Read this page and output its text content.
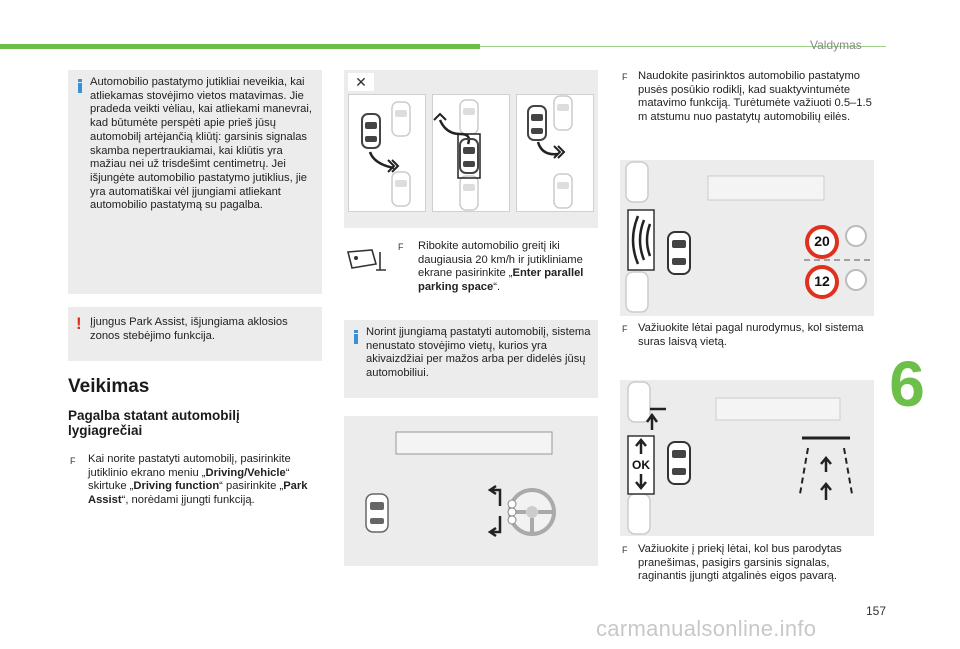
Valdymas
6
157
carmanualsonline.info
Automobilio pastatymo jutikliai neveikia, kai atliekamas stovėjimo vietos matavimas. Jie pradeda veikti vėliau, kai atliekami manevrai, kad būtumėte perspėti apie prieš jūsų automobilį artėjančią kliūtį: garsinis signalas skamba nepertraukiamai, kai kliūtis yra mažiau nei už trisdešimt centimetrų. Jei išjungėte automobilio pastatymo jutiklius, jie yra automatiškai vėl įjungiami atliekant automobilio pastatymą su pagalba.
! Įjungus Park Assist, išjungiama aklosios zonos stebėjimo funkcija.
Veikimas
Pagalba statant automobilį lygiagrečiai
F Kai norite pastatyti automobilį, pasirinkite jutiklinio ekrano meniu „Driving/Vehicle“ skirtuke „Driving function“ pasirinkite „Park Assist“, norėdami įjungti funkciją.
✕
F Ribokite automobilio greitį iki daugiausia 20 km/h ir jutikliniame ekrane pasirinkite „Enter parallel parking space“.
Norint įjungiamą pastatyti automobilį, sistema nenustato stovėjimo vietų, kurios yra akivaizdžiai per mažos arba per didelės jūsų automobiliui.
F Naudokite pasirinktos automobilio pastatymo pusės posūkio rodiklį, kad suaktyvintumėte matavimo funkciją. Turėtumėte važiuoti 0.5–1.5 m atstumu nuo pastatytų automobilių eilės.
20
12
F Važiuokite lėtai pagal nurodymus, kol sistema suras laisvą vietą.
OK
F Važiuokite į priekį lėtai, kol bus parodytas pranešimas, pasigirs garsinis signalas, raginantis įjungti atgalinės eigos pavarą.
